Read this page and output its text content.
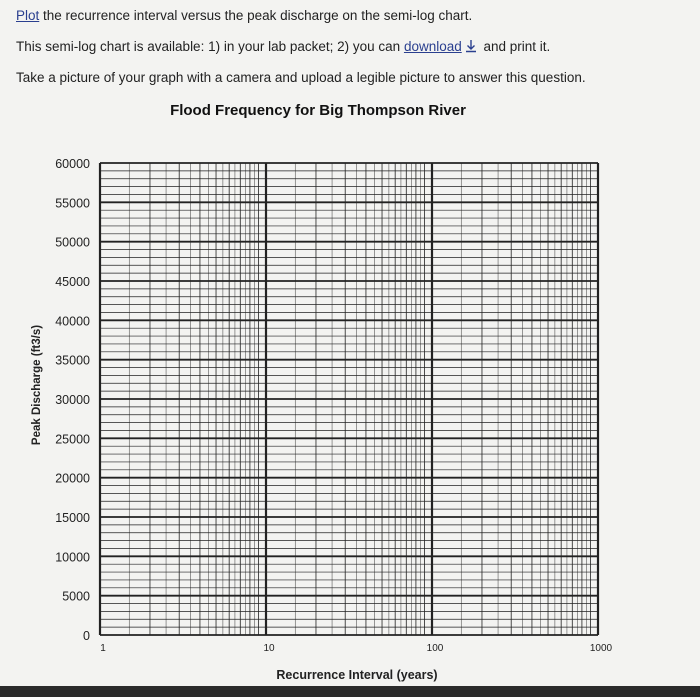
Plot the recurrence interval versus the peak discharge on the semi-log chart.

This semi-log chart is available: 1) in your lab packet; 2) you can download and print it.

Take a picture of your graph with a camera and upload a legible picture to answer this question.

Flood Frequency for Big Thompson River
Peak Discharge (ft3/s)
Recurrence Interval (years)
0
5000
10000
15000
20000
25000
30000
35000
40000
45000
50000
55000
60000
1	10	100	1000
